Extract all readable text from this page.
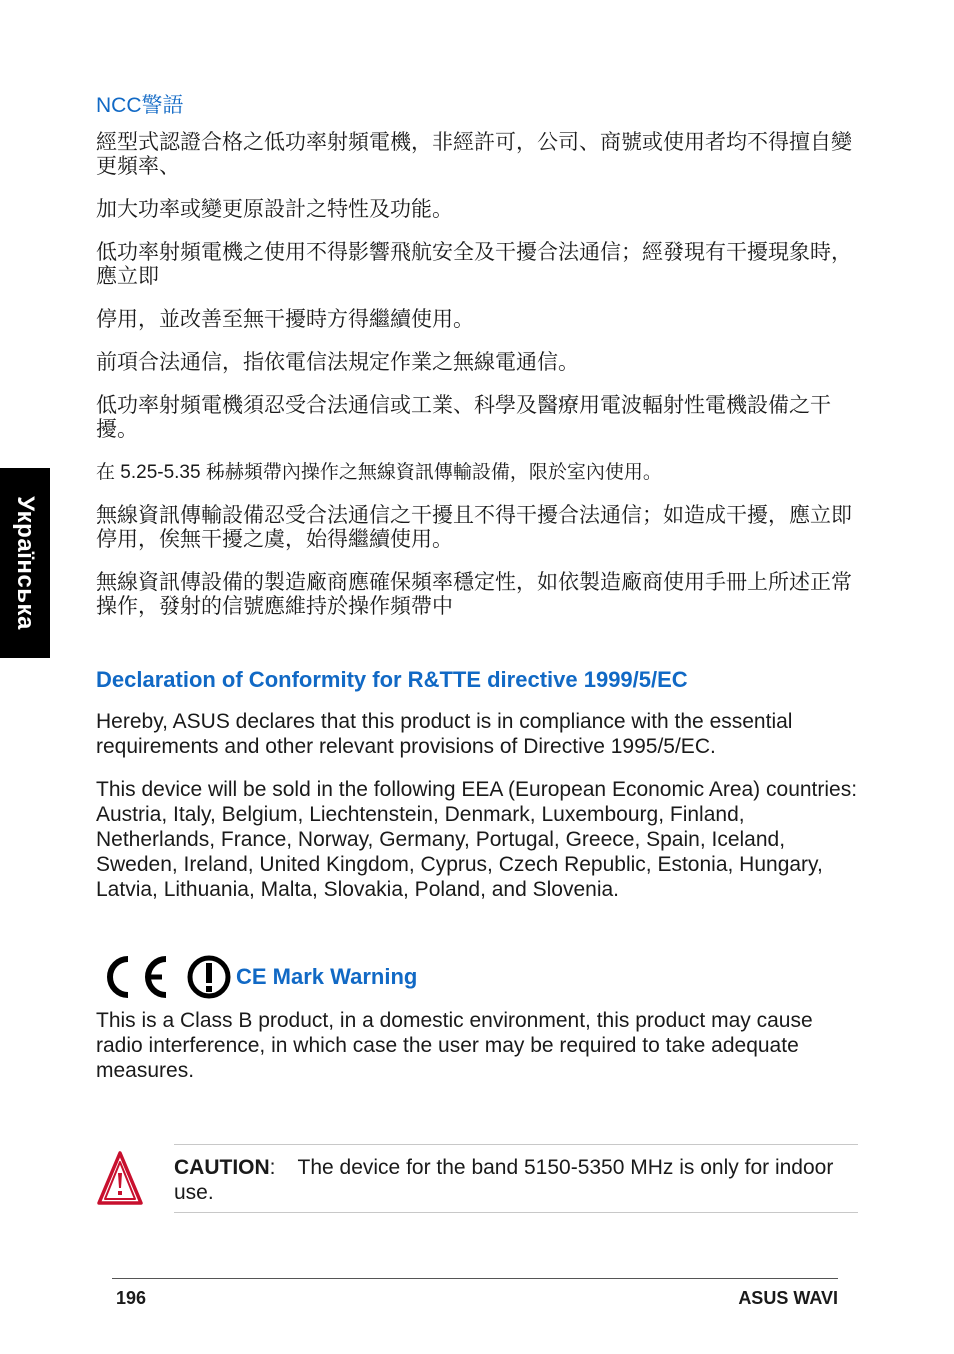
Українська
NCC警語

經型式認證合格之低功率射頻電機，非經許可，公司、商號或使用者均不得擅自變更頻率、

加大功率或變更原設計之特性及功能。

低功率射頻電機之使用不得影響飛航安全及干擾合法通信；經發現有干擾現象時，應立即

停用，並改善至無干擾時方得繼續使用。

前項合法通信，指依電信法規定作業之無線電通信。

低功率射頻電機須忍受合法通信或工業、科學及醫療用電波輻射性電機設備之干擾。

在 5.25-5.35 秭赫頻帶內操作之無線資訊傳輸設備，限於室內使用。

無線資訊傳輸設備忍受合法通信之干擾且不得干擾合法通信；如造成干擾，應立即停用，俟無干擾之虞，始得繼續使用。

無線資訊傳設備的製造廠商應確保頻率穩定性，如依製造廠商使用手冊上所述正常操作，發射的信號應維持於操作頻帶中

Declaration of Conformity for R&TTE directive 1999/5/EC

Hereby, ASUS declares that this product is in compliance with the essential requirements and other relevant provisions of Directive 1995/5/EC.

This device will be sold in the following EEA (European Economic Area) countries: Austria, Italy, Belgium, Liechtenstein, Denmark, Luxembourg, Finland, Netherlands, France, Norway, Germany, Portugal, Greece, Spain, Iceland, Sweden, Ireland, United Kingdom, Cyprus, Czech Republic, Estonia, Hungary, Latvia, Lithuania, Malta, Slovakia, Poland, and Slovenia.

CE Mark Warning

This is a Class B product, in a domestic environment, this product may cause radio interference, in which case the user may be required to take adequate measures.

CAUTION: The device for the band 5150-5350 MHz is only for indoor use.
196	ASUS WAVI
